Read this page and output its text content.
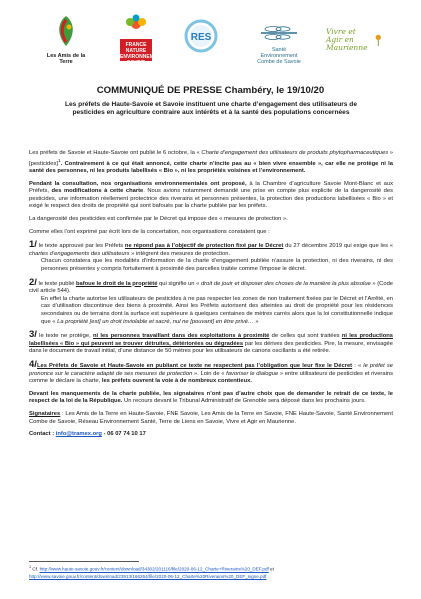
Les Amis de la Terre
FRANCE NATURE ENVIRONNEMENT SAVOIE
RES
Santé Environnement Combe de Savoie
Vivre et
Agir en Maurienne
COMMUNIQUÉ DE PRESSE Chambéry, le 19/10/20
Les préfets de Haute-Savoie et Savoie instituent une charte d’engagement des utilisateurs de pesticides en agriculture contraire aux intérêts et à la santé des populations concernées

Les préfets de Savoie et Haute-Savoie ont publié le 6 octobre, la « Charte d’engagement des utilisateurs de produits phytopharmaceutiques » [pesticides]$^1$. Contrairement à ce qui était annoncé, cette charte n’incite pas au « bien vivre ensemble », car elle ne protège ni la santé des personnes, ni les produits labellisés « Bio », ni les propriétés voisines et l’environnement.

Pendant la consultation, nos organisations environnementales ont proposé, à la Chambre d’agriculture Savoie Mont-Blanc et aux Préfets, des modifications à cette charte. Nous avions notamment demandé une prise en compte plus explicite de la dangerosité des pesticides, une information réellement protectrice des riverains et personnes présentes, la protection des productions labellisées « Bio » et exigé le respect des droits de propriété qui sont bafoués par la charte publiée par les préfets.

La dangerosité des pesticides est confirmée par le Décret qui impose des « mesures de protection ».

Comme elles l’ont exprimé par écrit lors de la concertation, nos organisations constatent que :

1/ le texte approuvé par les Préfets ne répond pas à l’objectif de protection fixé par le Décret du 27 décembre 2019 qui exige que les « chartes d’engagements des utilisateurs » intègrent des mesures de protection.
Chacun constatera que les modalités d’information de la charte d’engagement publiée n’assure la protection, ni des riverains, ni des personnes présentes y compris fortuitement à proximité des parcelles traitée comme l’impose le décret.

2/ le texte publié bafoue le droit de la propriété qui signifie un « droit de jouir et disposer des choses de la manière la plus absolue » (Code civil article 544).
En effet la charte autorise les utilisateurs de pesticides à ne pas respecter les zones de non traitement fixées par le Décret et l’Arrêté, en cas d’utilisation discontinue des biens à proximité. Ainsi les Préfets autorisent des atteintes au droit de propriété pour les résidences secondaires ou de terrains dont la surface est supérieure à quelques centaines de mètres carrés alors que la loi constitutionnelle indique que « La propriété [est] un droit inviolable et sacré, nul ne [pouvant] en être privé… »

3/ le texte ne protège, ni les personnes travaillant dans des exploitations à proximité de celles qui sont traitées ni les productions labellisées « Bio » qui peuvent se trouver détruites, détériorées ou dégradées par les dérives des pesticides. Pire, la mesure, envisagée dans le document de travail initial, d’une distance de 50 mètres pour les utilisateurs de canons oscillants a été retirée.

4/Les Préfets de Savoie et Haute-Savoie en publiant ce texte ne respectent pas l’obligation que leur fixe le Décret : « le préfet se prononce sur le caractère adapté de ses mesures de protection ». Loin de « favoriser le dialogue » entre utilisateurs de pesticides et riverains comme le déclare la charte, les préfets ouvrent la voie à de nombreux contentieux.

Devant les manquements de la charte publiée, les signataires n’ont pas d’autre choix que de demander le retrait de ce texte, le respect de la loi de la République. Un recours devant le Tribunal Administratif de Grenoble sera déposé dans les prochains jours.

Signataires : Les Amis de la Terre en Haute-Savoie, FNE Savoie, Les Amis de la Terre en Savoie, FNE Haute-Savoie, Santé Environnement Combe de Savoie, Réseau Environnement Santé, Terre de Liens en Savoie, Vivre et Agir en Maurienne.

Contact : info@tramex.org - 06 07 74 10 17
$^1$ Cf. http://www.haute-savoie.gouv.fr/content/download/34302/201116/file/2020-06-12_Charte+Riverains%20_DEF.pdf et
http://www.savoie.gouv.fr/content/download/23913/166264/file/2020-06-12_Charte%20Riverains%20_DEF_signe.pdf
